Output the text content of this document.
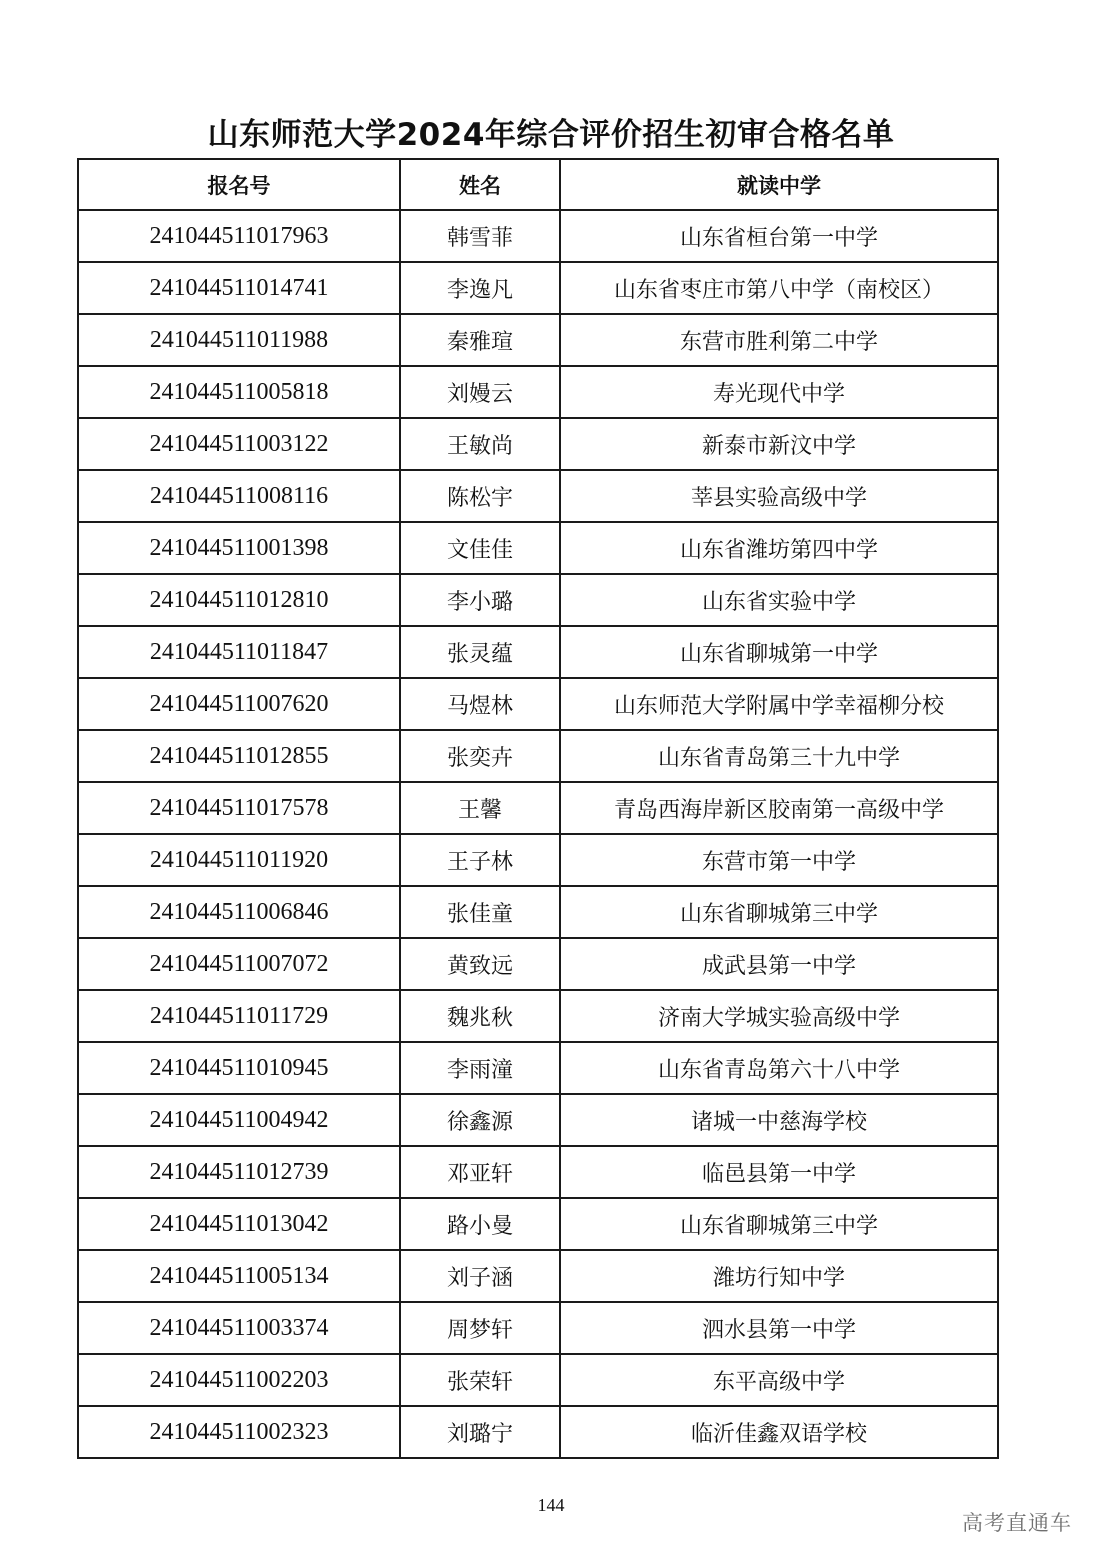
山东师范大学2024年综合评价招生初审合格名单
报名号	姓名	就读中学
241044511017963	韩雪菲	山东省桓台第一中学
241044511014741	李逸凡	山东省枣庄市第八中学（南校区）
241044511011988	秦雅瑄	东营市胜利第二中学
241044511005818	刘嫚云	寿光现代中学
241044511003122	王敏尚	新泰市新汶中学
241044511008116	陈松宇	莘县实验高级中学
241044511001398	文佳佳	山东省潍坊第四中学
241044511012810	李小璐	山东省实验中学
241044511011847	张灵蕴	山东省聊城第一中学
241044511007620	马煜林	山东师范大学附属中学幸福柳分校
241044511012855	张奕卉	山东省青岛第三十九中学
241044511017578	王馨	青岛西海岸新区胶南第一高级中学
241044511011920	王子林	东营市第一中学
241044511006846	张佳童	山东省聊城第三中学
241044511007072	黄致远	成武县第一中学
241044511011729	魏兆秋	济南大学城实验高级中学
241044511010945	李雨潼	山东省青岛第六十八中学
241044511004942	徐鑫源	诸城一中慈海学校
241044511012739	邓亚轩	临邑县第一中学
241044511013042	路小曼	山东省聊城第三中学
241044511005134	刘子涵	潍坊行知中学
241044511003374	周梦轩	泗水县第一中学
241044511002203	张荣轩	东平高级中学
241044511002323	刘璐宁	临沂佳鑫双语学校
144
高考直通车
